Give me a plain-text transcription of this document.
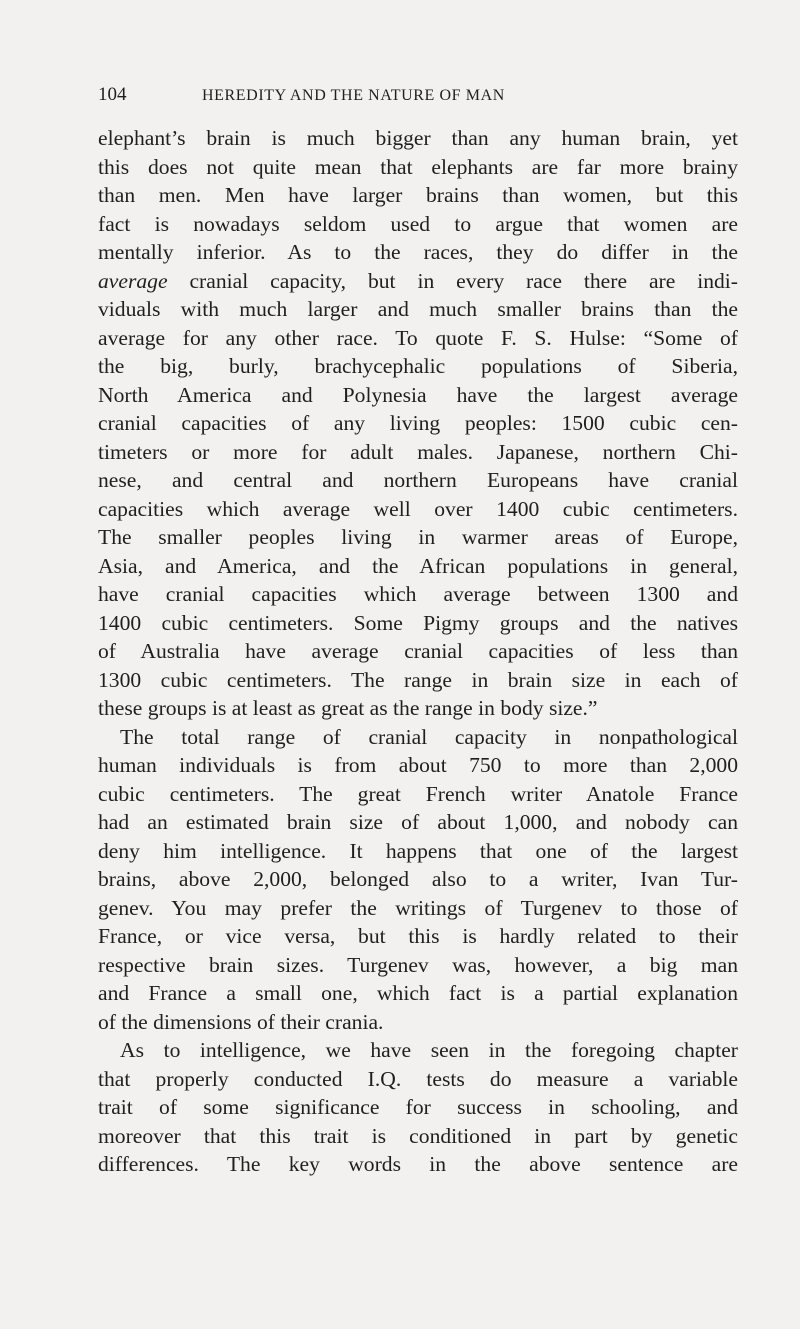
104	HEREDITY AND THE NATURE OF MAN
elephant’s brain is much bigger than any human brain, yet
this does not quite mean that elephants are far more brainy
than men. Men have larger brains than women, but this
fact is nowadays seldom used to argue that women are
mentally inferior. As to the races, they do differ in the
average cranial capacity, but in every race there are indi-
viduals with much larger and much smaller brains than the
average for any other race. To quote F. S. Hulse: “Some of
the big, burly, brachycephalic populations of Siberia,
North America and Polynesia have the largest average
cranial capacities of any living peoples: 1500 cubic cen-
timeters or more for adult males. Japanese, northern Chi-
nese, and central and northern Europeans have cranial
capacities which average well over 1400 cubic centimeters.
The smaller peoples living in warmer areas of Europe,
Asia, and America, and the African populations in general,
have cranial capacities which average between 1300 and
1400 cubic centimeters. Some Pigmy groups and the natives
of Australia have average cranial capacities of less than
1300 cubic centimeters. The range in brain size in each of
these groups is at least as great as the range in body size.”
The total range of cranial capacity in nonpathological
human individuals is from about 750 to more than 2,000
cubic centimeters. The great French writer Anatole France
had an estimated brain size of about 1,000, and nobody can
deny him intelligence. It happens that one of the largest
brains, above 2,000, belonged also to a writer, Ivan Tur-
genev. You may prefer the writings of Turgenev to those of
France, or vice versa, but this is hardly related to their
respective brain sizes. Turgenev was, however, a big man
and France a small one, which fact is a partial explanation
of the dimensions of their crania.
As to intelligence, we have seen in the foregoing chapter
that properly conducted I.Q. tests do measure a variable
trait of some significance for success in schooling, and
moreover that this trait is conditioned in part by genetic
differences. The key words in the above sentence are
